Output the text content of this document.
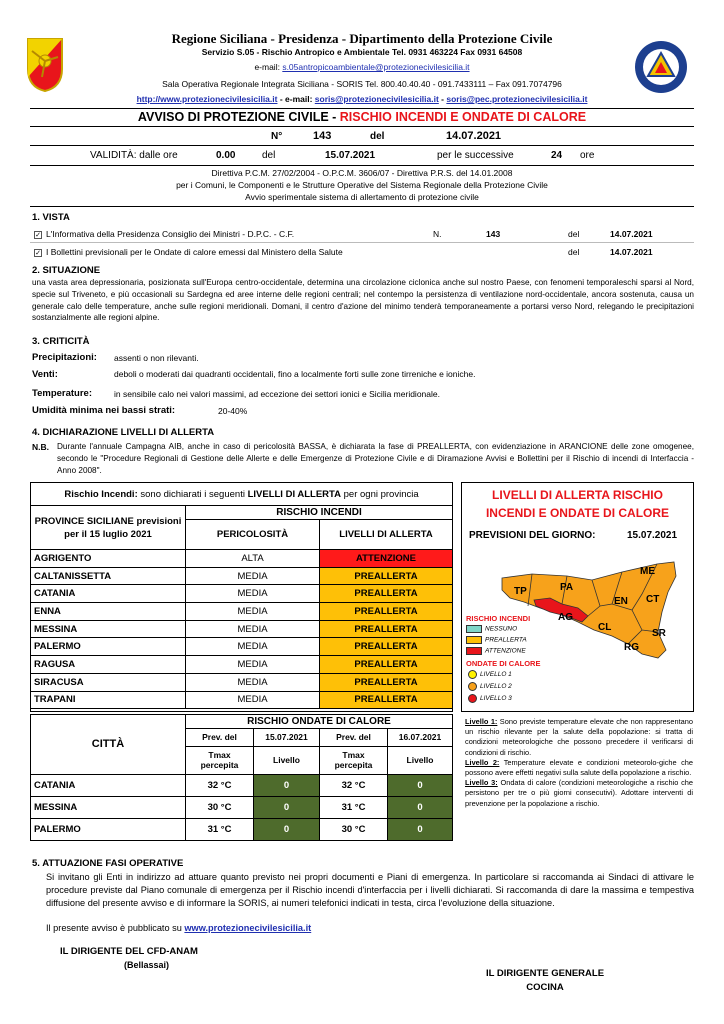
Regione Siciliana - Presidenza - Dipartimento della Protezione Civile
Servizio S.05 - Rischio Antropico e Ambientale Tel. 0931 463224 Fax 0931 64508
e-mail: s.05antropicoambientale@protezionecivilesicilia.it
Sala Operativa Regionale Integrata Siciliana - SORIS Tel. 800.40.40.40 - 091.7433111 – Fax 091.7074796
http://www.protezionecivilesicilia.it - e-mail: soris@protezionecivilesicilia.it - soris@pec.protezionecivilesicilia.it
AVVISO DI PROTEZIONE CIVILE - RISCHIO INCENDI E ONDATE DI CALORE
N°	143	del	14.07.2021
VALIDITÀ: dalle ore	0.00	del	15.07.2021	per le successive	24 ore
Direttiva P.C.M. 27/02/2004 - O.P.C.M. 3606/07 - Direttiva P.R.S. del 14.01.2008
per i Comuni, le Componenti e le Strutture Operative del Sistema Regionale della Protezione Civile
Avvio sperimentale sistema di allertamento di protezione civile
1. VISTA
✓ L'Informativa della Presidenza Consiglio dei Ministri - D.P.C. - C.F.	N.	143	del	14.07.2021
✓ I Bollettini previsionali per le Ondate di calore emessi dal Ministero della Salute	del	14.07.2021
2. SITUAZIONE
una vasta area depressionaria, posizionata sull'Europa centro-occidentale, determina una circolazione ciclonica anche sul nostro Paese, con fenomeni temporaleschi sparsi al Nord, specie sul Triveneto, e più occasionali su Sardegna ed aree interne delle regioni centrali; nel contempo la persistenza di ventilazione nord-occidentale, ancora sostenuta, causa un generale calo delle temperature, anche sulle regioni meridionali. Domani, il centro d'azione del minimo tenderà temporaneamente a portarsi verso Nord, relegando le precipitazioni sostanzialmente alle regioni alpine.
3. CRITICITÀ
Precipitazioni: assenti o non rilevanti.
Venti:	deboli o moderati dai quadranti occidentali, fino a localmente forti sulle zone tirreniche e ioniche.
Temperature:	in sensibile calo nei valori massimi, ad eccezione dei settori ionici e Sicilia meridionale.
Umidità minima nei bassi strati:	20-40%
4. DICHIARAZIONE LIVELLI DI ALLERTA
N.B. Durante l'annuale Campagna AIB, anche in caso di pericolosità BASSA, è dichiarata la fase di PREALLERTA, con evidenziazione in ARANCIONE delle zone omogenee, secondo le "Procedure Regionali di Gestione delle Allerte e delle Emergenze di Protezione Civile e di Diramazione Avvisi e Bollettini per il Rischio di incendi di Interfaccia - Anno 2008".
Rischio Incendi: sono dichiarati i seguenti LIVELLI DI ALLERTA per ogni provincia
PROVINCE SICILIANE previsioni per il 15 luglio 2021	RISCHIO INCENDI	
	PERICOLOSITÀ	LIVELLI DI ALLERTA
AGRIGENTO	ALTA	ATTENZIONE
CALTANISSETTA	MEDIA	PREALLERTA
CATANIA	MEDIA	PREALLERTA
ENNA	MEDIA	PREALLERTA
MESSINA	MEDIA	PREALLERTA
PALERMO	MEDIA	PREALLERTA
RAGUSA	MEDIA	PREALLERTA
SIRACUSA	MEDIA	PREALLERTA
TRAPANI	MEDIA	PREALLERTA
LIVELLI DI ALLERTA RISCHIO
INCENDI E ONDATE DI CALORE
PREVISIONI DEL GIORNO:	15.07.2021
TP	PA
ME
AG
EN CT
CL
SR
RG
RISCHIO INCENDI
NESSUNO
PREALLERTA
ATTENZIONE
ONDATE DI CALORE
LIVELLO 1
LIVELLO 2
LIVELLO 3
CITTÀ	RISCHIO ONDATE DI CALORE			
	Prev. del	15.07.2021	Prev. del	16.07.2021
	Tmax percepita	Livello	Tmax percepita	Livello
CATANIA	32 °C	0	32 °C	0
MESSINA	30 °C	0	31 °C	0
PALERMO	31 °C	0	30 °C	0
Livello 1: Sono previste temperature elevate che non rappresentano un rischio rilevante per la salute della popolazione: si tratta di condizioni meteorologiche che possono precedere il verificarsi di condizioni di rischio.
Livello 2: Temperature elevate e condizioni meteorolo-giche che possono avere effetti negativi sulla salute della popolazione a rischio.
Livello 3: Ondata di calore (condizioni meteorologiche a rischio che persistono per tre o più giorni consecutivi). Adottare interventi di prevenzione per la popolazione a rischio.
5. ATTUAZIONE FASI OPERATIVE
Si invitano gli Enti in indirizzo ad attuare quanto previsto nei propri documenti e Piani di emergenza. In particolare si raccomanda ai Sindaci di attivare le procedure previste dal Piano comunale di emergenza per il Rischio incendi d'interfaccia per i livelli dichiarati. Si raccomanda di dare la massima e tempestiva diffusione del presente avviso e di informare la SORIS, ai numeri telefonici indicati in testa, circa l'evoluzione della situazione.
Il presente avviso è pubblicato su www.protezionecivilesicilia.it
IL DIRIGENTE DEL CFD-ANAM
(Bellassai)
IL DIRIGENTE GENERALE
COCINA
